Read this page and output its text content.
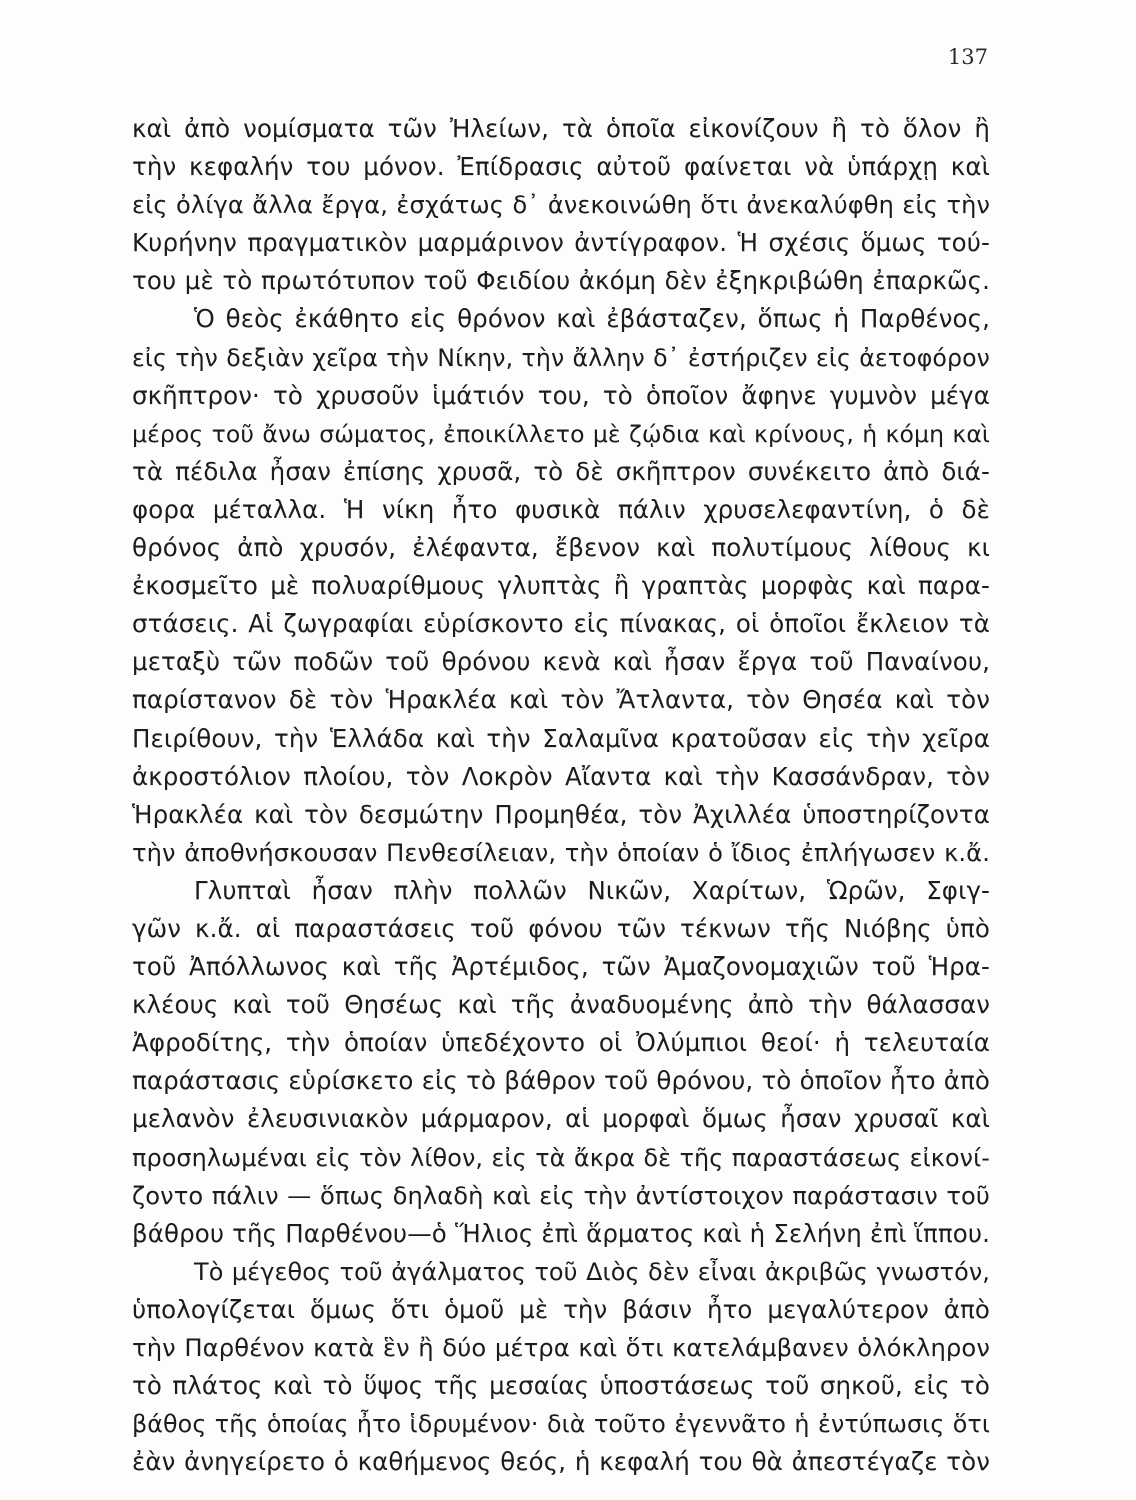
137
καὶ ἀπὸ νομίσματα τῶν Ἠλείων, τὰ ὁποῖα εἰκονίζουν ἢ τὸ ὅλον ἢ
τὴν κεφαλήν του μόνον. Ἐπίδρασις αὐτοῦ φαίνεται νὰ ὑπάρχῃ καὶ
εἰς ὀλίγα ἄλλα ἔργα, ἐσχάτως δ᾽ ἀνεκοινώθη ὅτι ἀνεκαλύφθη εἰς τὴν
Κυρήνην πραγματικὸν μαρμάρινον ἀντίγραφον. Ἡ σχέσις ὅμως τού-
του μὲ τὸ πρωτότυπον τοῦ Φειδίου ἀκόμη δὲν ἐξηκριβώθη ἐπαρκῶς.
Ὁ θεὸς ἐκάθητο εἰς θρόνον καὶ ἐβάσταζεν, ὅπως ἡ Παρθένος,
εἰς τὴν δεξιὰν χεῖρα τὴν Νίκην, τὴν ἄλλην δ᾽ ἐστήριζεν εἰς ἀετοφόρον
σκῆπτρον· τὸ χρυσοῦν ἱμάτιόν του, τὸ ὁποῖον ἄφηνε γυμνὸν μέγα
μέρος τοῦ ἄνω σώματος, ἐποικίλλετο μὲ ζῴδια καὶ κρίνους, ἡ κόμη καὶ
τὰ πέδιλα ἦσαν ἐπίσης χρυσᾶ, τὸ δὲ σκῆπτρον συνέκειτο ἀπὸ διά-
φορα μέταλλα. Ἡ νίκη ἦτο φυσικὰ πάλιν χρυσελεφαντίνη, ὁ δὲ
θρόνος ἀπὸ χρυσόν, ἐλέφαντα, ἔβενον καὶ πολυτίμους λίθους κι
ἐκοσμεῖτο μὲ πολυαρίθμους γλυπτὰς ἢ γραπτὰς μορφὰς καὶ παρα-
στάσεις. Αἱ ζωγραφίαι εὑρίσκοντο εἰς πίνακας, οἱ ὁποῖοι ἔκλειον τὰ
μεταξὺ τῶν ποδῶν τοῦ θρόνου κενὰ καὶ ἦσαν ἔργα τοῦ Παναίνου,
παρίστανον δὲ τὸν Ἡρακλέα καὶ τὸν Ἄτλαντα, τὸν Θησέα καὶ τὸν
Πειρίθουν, τὴν Ἑλλάδα καὶ τὴν Σαλαμῖνα κρατοῦσαν εἰς τὴν χεῖρα
ἀκροστόλιον πλοίου, τὸν Λοκρὸν Αἴαντα καὶ τὴν Κασσάνδραν, τὸν
Ἡρακλέα καὶ τὸν δεσμώτην Προμηθέα, τὸν Ἀχιλλέα ὑποστηρίζοντα
τὴν ἀποθνήσκουσαν Πενθεσίλειαν, τὴν ὁποίαν ὁ ἴδιος ἐπλήγωσεν κ.ἄ.
Γλυπταὶ ἦσαν πλὴν πολλῶν Νικῶν, Χαρίτων, Ὡρῶν, Σφιγ-
γῶν κ.ἄ. αἱ παραστάσεις τοῦ φόνου τῶν τέκνων τῆς Νιόβης ὑπὸ
τοῦ Ἀπόλλωνος καὶ τῆς Ἀρτέμιδος, τῶν Ἀμαζονομαχιῶν τοῦ Ἡρα-
κλέους καὶ τοῦ Θησέως καὶ τῆς ἀναδυομένης ἀπὸ τὴν θάλασσαν
Ἀφροδίτης, τὴν ὁποίαν ὑπεδέχοντο οἱ Ὀλύμπιοι θεοί· ἡ τελευταία
παράστασις εὑρίσκετο εἰς τὸ βάθρον τοῦ θρόνου, τὸ ὁποῖον ἦτο ἀπὸ
μελανὸν ἐλευσινιακὸν μάρμαρον, αἱ μορφαὶ ὅμως ἦσαν χρυσαῖ καὶ
προσηλωμέναι εἰς τὸν λίθον, εἰς τὰ ἄκρα δὲ τῆς παραστάσεως εἰκονί-
ζοντο πάλιν — ὅπως δηλαδὴ καὶ εἰς τὴν ἀντίστοιχον παράστασιν τοῦ
βάθρου τῆς Παρθένου—ὁ Ἥλιος ἐπὶ ἅρματος καὶ ἡ Σελήνη ἐπὶ ἵππου.
Τὸ μέγεθος τοῦ ἀγάλματος τοῦ Διὸς δὲν εἶναι ἀκριβῶς γνωστόν,
ὑπολογίζεται ὅμως ὅτι ὁμοῦ μὲ τὴν βάσιν ἦτο μεγαλύτερον ἀπὸ
τὴν Παρθένον κατὰ ἓν ἢ δύο μέτρα καὶ ὅτι κατελάμβανεν ὁλόκληρον
τὸ πλάτος καὶ τὸ ὕψος τῆς μεσαίας ὑποστάσεως τοῦ σηκοῦ, εἰς τὸ
βάθος τῆς ὁποίας ἦτο ἱδρυμένον· διὰ τοῦτο ἐγεννᾶτο ἡ ἐντύπωσις ὅτι
ἐὰν ἀνηγείρετο ὁ καθήμενος θεός, ἡ κεφαλή του θὰ ἀπεστέγαζε τὸν
